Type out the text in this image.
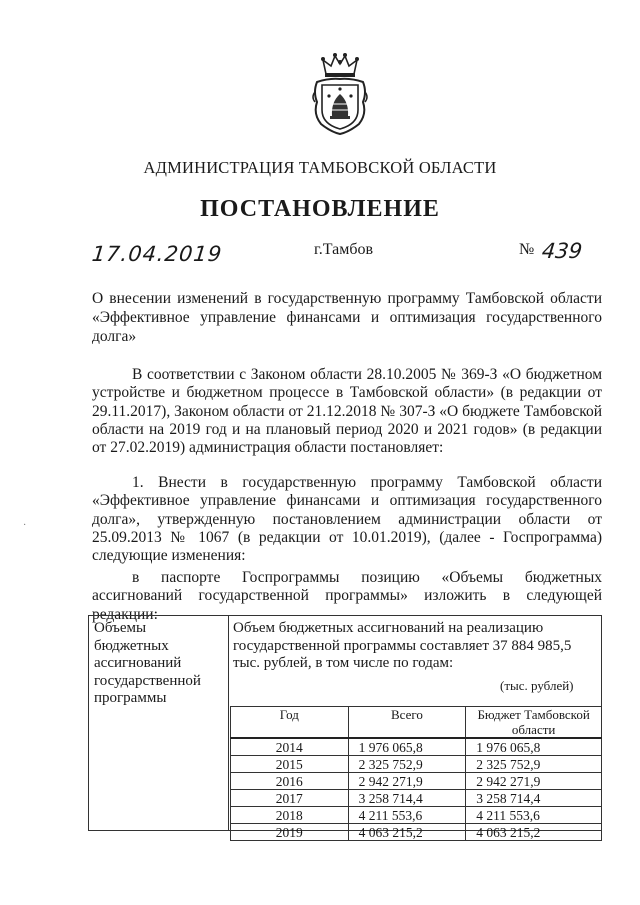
АДМИНИСТРАЦИЯ ТАМБОВСКОЙ ОБЛАСТИ
ПОСТАНОВЛЕНИЕ
17.04.2019	г.Тамбов	№ 439
О внесении изменений в государственную программу Тамбовской области «Эффективное управление финансами и оптимизация государственного долга»
В соответствии с Законом области 28.10.2005 № 369-З «О бюджетном устройстве и бюджетном процессе в Тамбовской области» (в редакции от 29.11.2017), Законом области от 21.12.2018 № 307-З «О бюджете Тамбовской области на 2019 год и на плановый период 2020 и 2021 годов» (в редакции от 27.02.2019) администрация области постановляет:
1. Внести в государственную программу Тамбовской области «Эффективное управление финансами и оптимизация государственного долга», утвержденную постановлением администрации области от 25.09.2013 № 1067 (в редакции от 10.01.2019), (далее - Госпрограмма) следующие изменения:
в паспорте Госпрограммы позицию «Объемы бюджетных ассигнований государственной программы» изложить в следующей редакции:
·
Объемы бюджетных ассигнований государственной программы
Объем бюджетных ассигнований на реализацию государственной программы составляет 37 884 985,5 тыс. рублей, в том числе по годам:
(тыс. рублей)
Год	Всего	Бюджет Тамбовской области
2014	1 976 065,8	1 976 065,8
2015	2 325 752,9	2 325 752,9
2016	2 942 271,9	2 942 271,9
2017	3 258 714,4	3 258 714,4
2018	4 211 553,6	4 211 553,6
2019	4 063 215,2	4 063 215,2
